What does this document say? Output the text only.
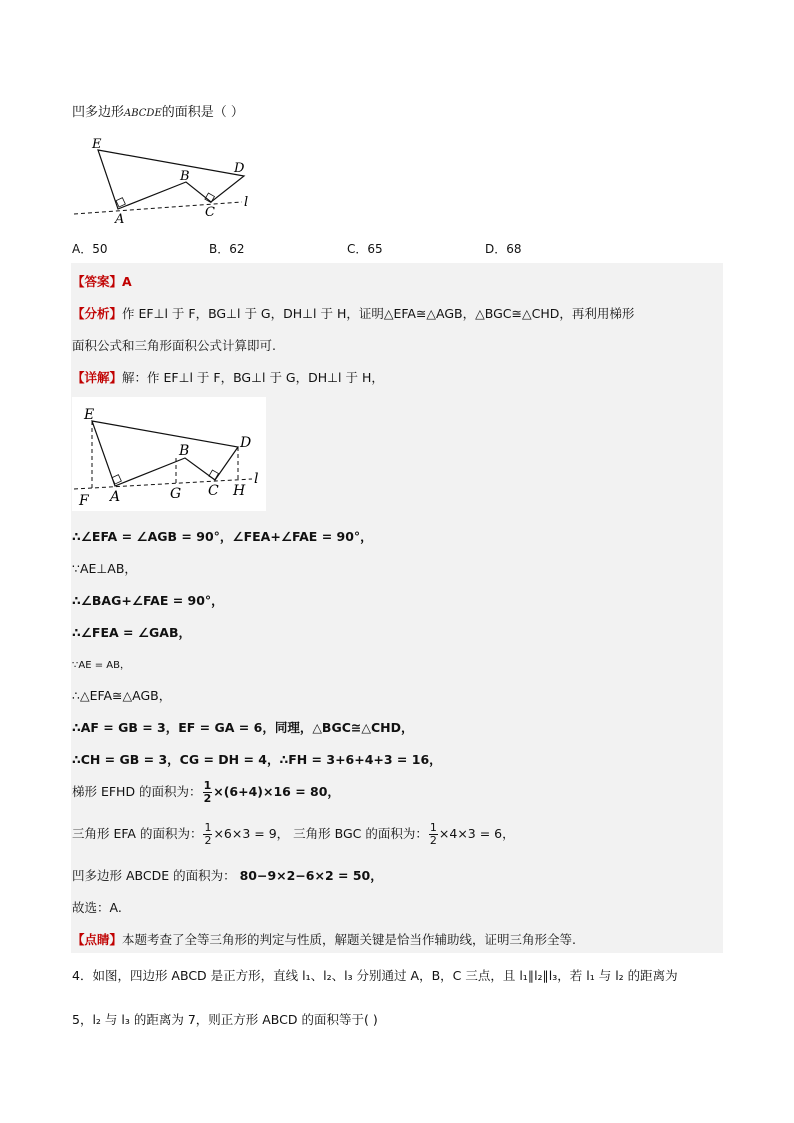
凹多边形ABCDE的面积是（ ）
E
D
B
A	C
l
A．50	B．62	C．65	D．68
【答案】A
【分析】作 EF⊥l 于 F，BG⊥l 于 G，DH⊥l 于 H，证明△EFA≅△AGB，△BGC≅△CHD，再利用梯形
面积公式和三角形面积公式计算即可.
【详解】解：作 EF⊥l 于 F，BG⊥l 于 G，DH⊥l 于 H，
E
D
B
F A	G C H
l
∴∠EFA = ∠AGB = 90°，∠FEA+∠FAE = 90°，
∵AE⊥AB，
∴∠BAG+∠FAE = 90°，
∴∠FEA = ∠GAB，
∵AE = AB，
∴△EFA≅△AGB，
∴AF = GB = 3，EF = GA = 6，同理，△BGC≅△CHD，
∴CH = GB = 3，CG = DH = 4，∴FH = 3+6+4+3 = 16，
梯形 EFHD 的面积为： $\frac{1}{2} \times(6+4)\times 16 = 80$，
三角形 EFA 的面积为： $\frac{1}{2} \times 6\times 3 = 9$， 三角形 BGC 的面积为： $\frac{1}{2} \times 4\times 3 = 6$，
凹多边形 ABCDE 的面积为： 80−9×2−6×2 = 50，
故选：A.
【点睛】本题考查了全等三角形的判定与性质，解题关键是恰当作辅助线，证明三角形全等.
4．如图，四边形 ABCD 是正方形，直线 l₁、l₂、l₃ 分别通过 A，B，C 三点，且 l₁∥l₂∥l₃，若 l₁ 与 l₂ 的距离为
5，l₂ 与 l₃ 的距离为 7，则正方形 ABCD 的面积等于( )
